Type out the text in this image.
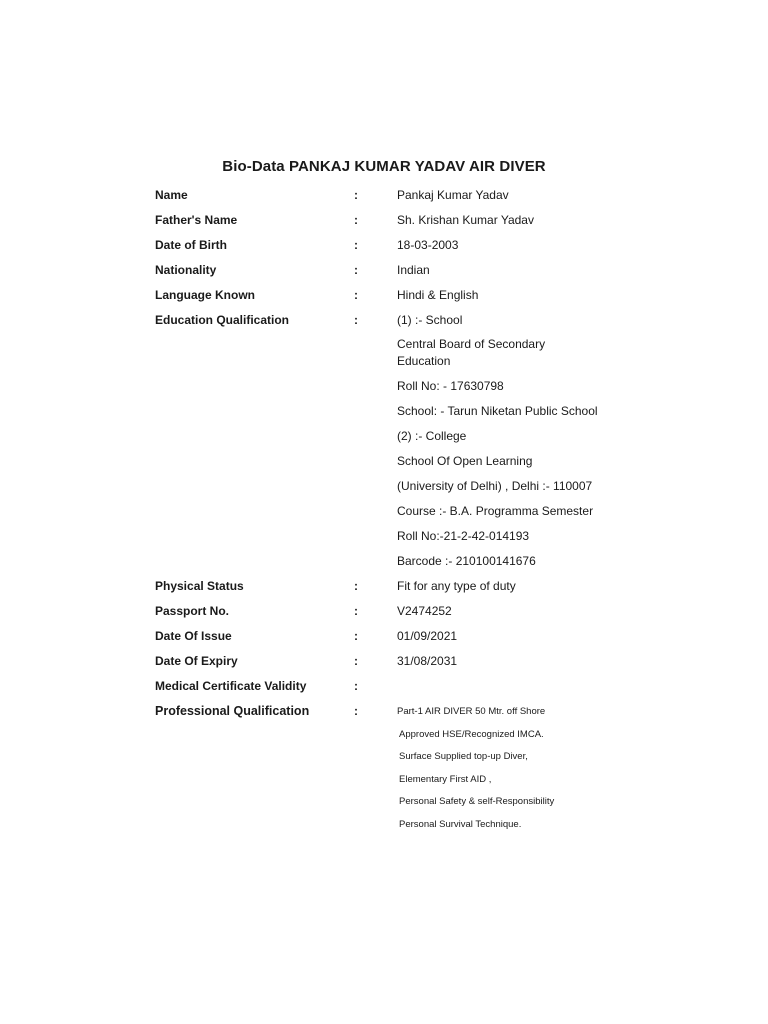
Bio-Data PANKAJ KUMAR YADAV AIR DIVER
Name	:	Pankaj Kumar Yadav
Father's Name	:	Sh. Krishan Kumar Yadav
Date of Birth	:	18-03-2003
Nationality	:	Indian
Language Known	:	Hindi & English
Education Qualification	:	(1) :- School
Central Board of Secondary Education
Roll No: - 17630798
School: - Tarun Niketan Public School
(2) :- College
School Of Open Learning
(University of Delhi) , Delhi :- 110007
Course :- B.A. Programma Semester
Roll No:-21-2-42-014193
Barcode :- 210100141676
Physical Status	:	Fit for any type of duty
Passport No.	:	V2474252
Date Of Issue	:	01/09/2021
Date Of Expiry	:	31/08/2031
Medical Certificate Validity	:
Professional Qualification	:	Part-1 AIR DIVER 50 Mtr. off Shore
Approved HSE/Recognized IMCA.
Surface Supplied top-up Diver,
Elementary First AID ,
Personal Safety & self-Responsibility
Personal Survival Technique.
